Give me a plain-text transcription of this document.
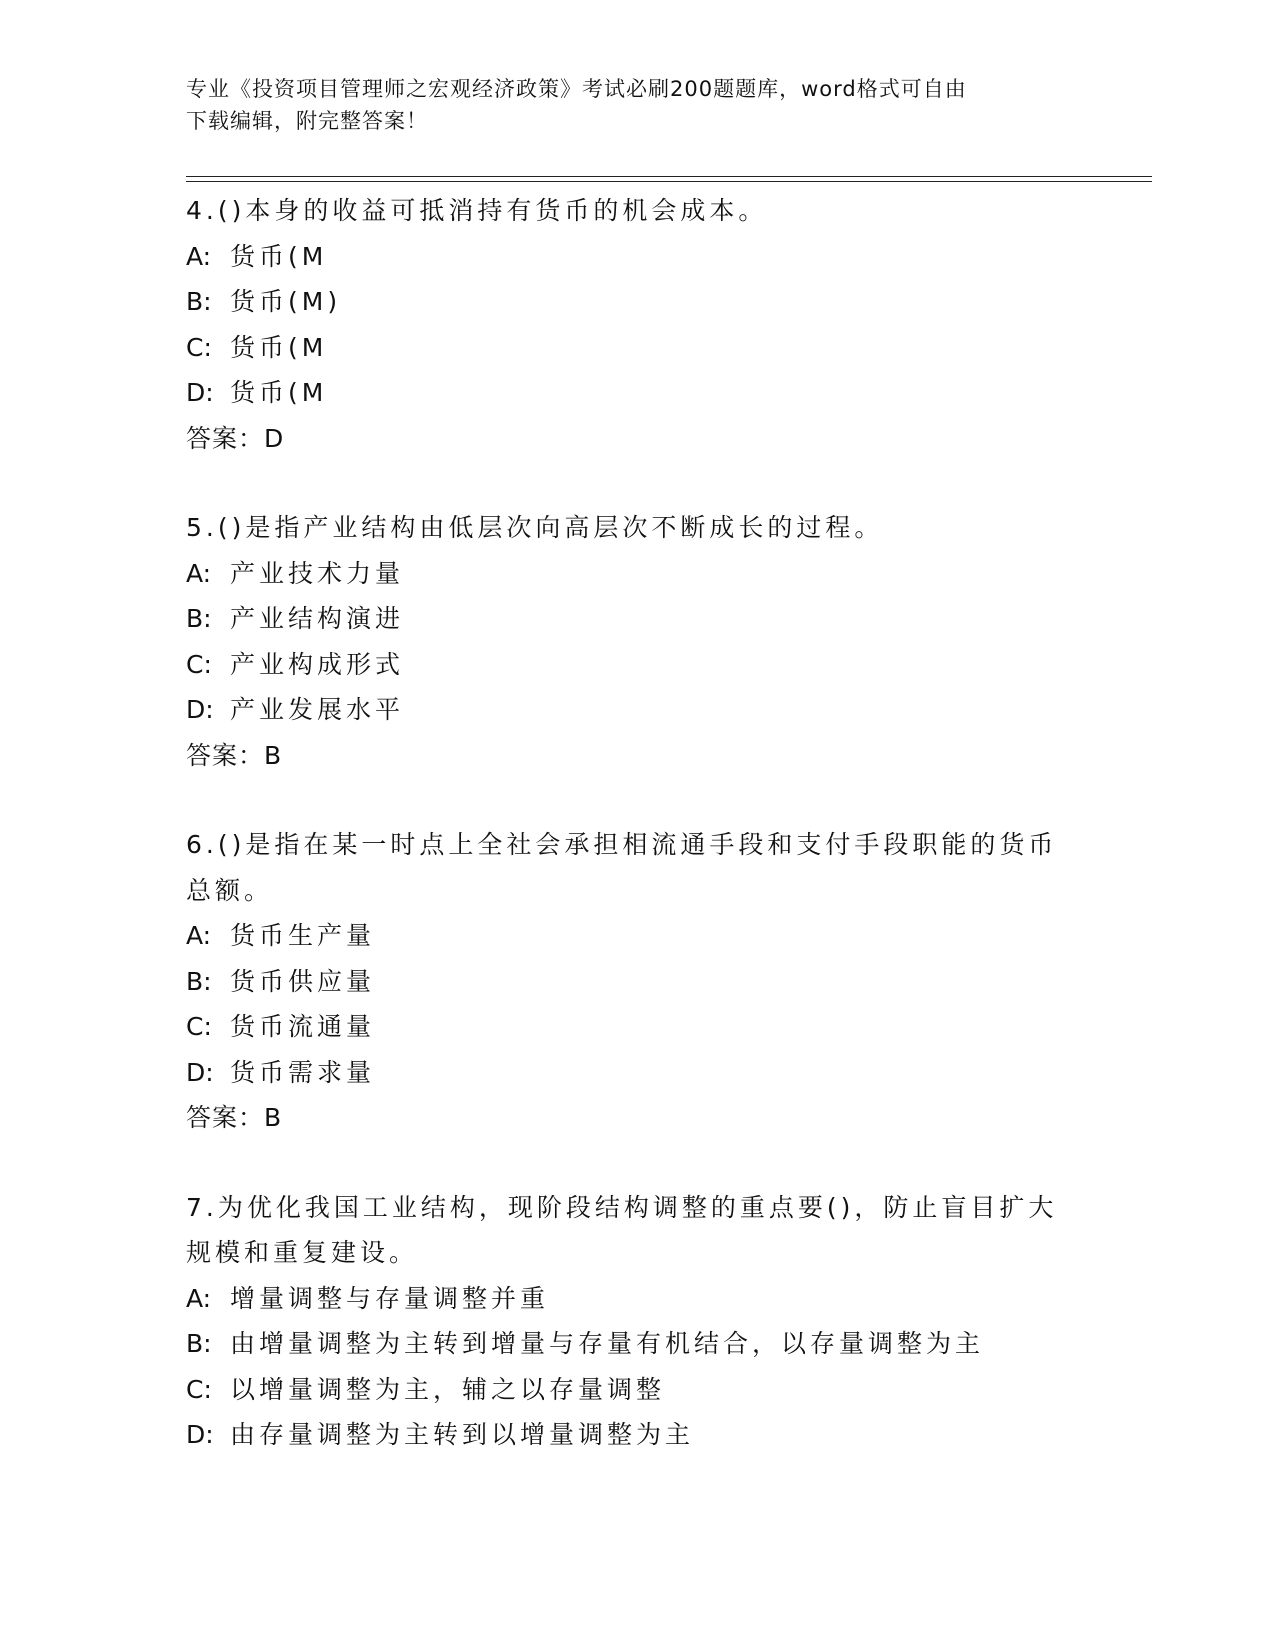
专业《投资项目管理师之宏观经济政策》考试必刷200题题库，word格式可自由
下载编辑，附完整答案！
4.()本身的收益可抵消持有货币的机会成本。
A: 货币(M
B: 货币(M)
C: 货币(M
D: 货币(M
答案：D
5.()是指产业结构由低层次向高层次不断成长的过程。
A: 产业技术力量
B: 产业结构演进
C: 产业构成形式
D: 产业发展水平
答案：B
6.()是指在某一时点上全社会承担相流通手段和支付手段职能的货币总额。
A: 货币生产量
B: 货币供应量
C: 货币流通量
D: 货币需求量
答案：B
7.为优化我国工业结构，现阶段结构调整的重点要()，防止盲目扩大规模和重复建设。
A: 增量调整与存量调整并重
B: 由增量调整为主转到增量与存量有机结合，以存量调整为主
C: 以增量调整为主，辅之以存量调整
D: 由存量调整为主转到以增量调整为主
